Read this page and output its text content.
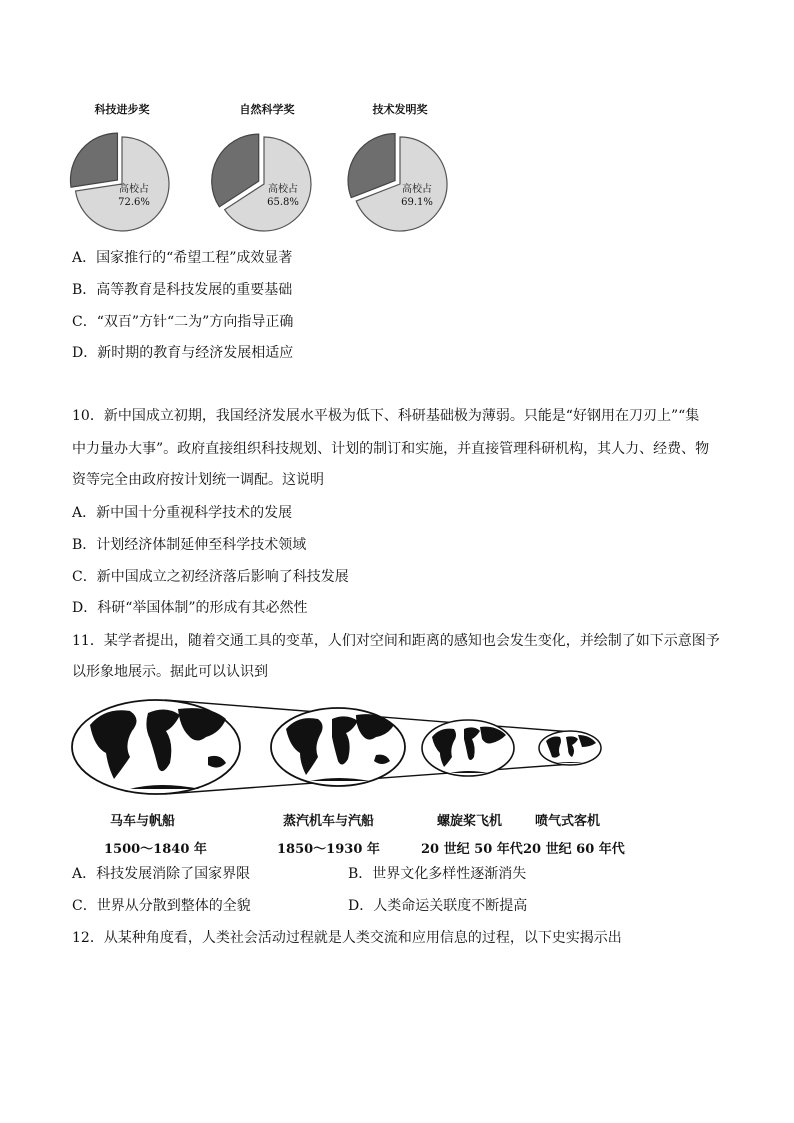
科技进步奖	自然科学奖	技术发明奖
高校占
72.6%
高校占
65.8%
高校占
69.1%
A．国家推行的“希望工程”成效显著
B．高等教育是科技发展的重要基础
C．“双百”方针“二为”方向指导正确
D．新时期的教育与经济发展相适应
10．新中国成立初期，我国经济发展水平极为低下、科研基础极为薄弱。只能是“好钢用在刀刃上”“集
中力量办大事”。政府直接组织科技规划、计划的制订和实施，并直接管理科研机构，其人力、经费、物
资等完全由政府按计划统一调配。这说明
A．新中国十分重视科学技术的发展
B．计划经济体制延伸至科学技术领域
C．新中国成立之初经济落后影响了科技发展
D．科研“举国体制”的形成有其必然性
11．某学者提出，随着交通工具的变革，人们对空间和距离的感知也会发生变化，并绘制了如下示意图予
以形象地展示。据此可以认识到
马车与帆船	蒸汽机车与汽船	螺旋桨飞机	喷气式客机
1500～1840 年	1850～1930 年	20 世纪 50 年代 20 世纪 60 年代
A．科技发展消除了国家界限	B．世界文化多样性逐渐消失
C．世界从分散到整体的全貌	D．人类命运关联度不断提高
12．从某种角度看，人类社会活动过程就是人类交流和应用信息的过程，以下史实揭示出
